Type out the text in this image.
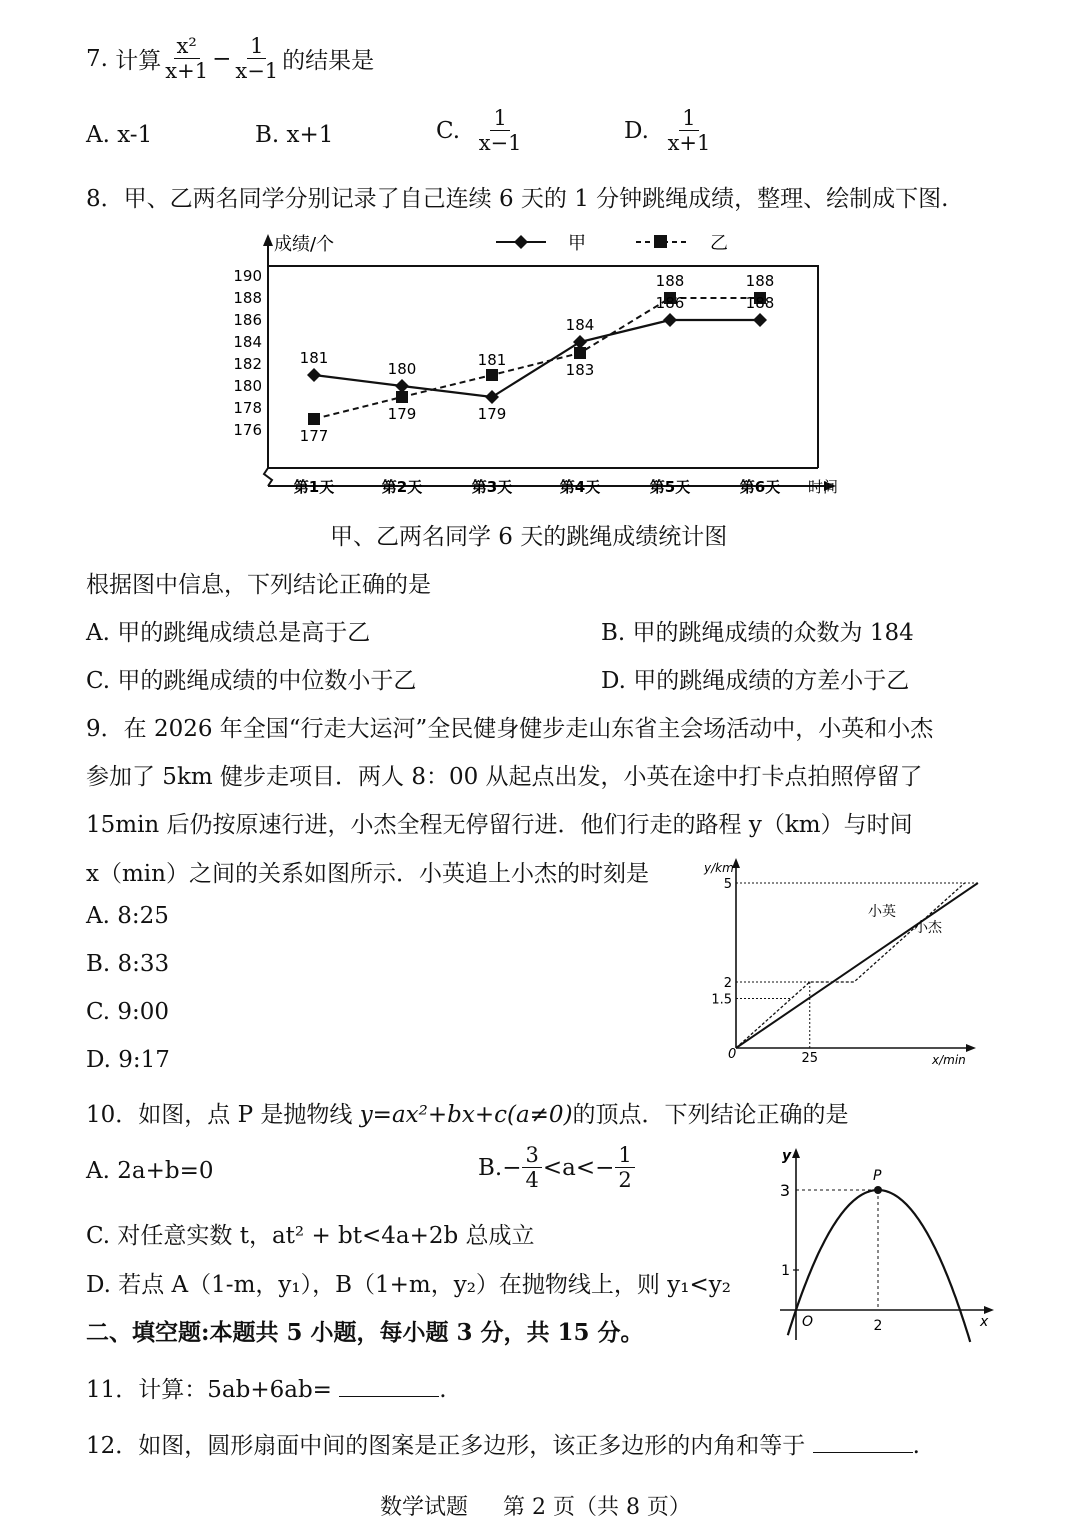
7.
计算 $\frac{\text{x²}}{x+1} - \frac{1}{x-1}$ 的结果是
A. x-1	B. x+1	C.
$\frac{1}{x-1}$	D.
$\frac{1}{x+1}$
8．甲、乙两名同学分别记录了自己连续 6 天的 1 分钟跳绳成绩，整理、绘制成下图.
成绩/个
时间
176
178
180
182
184
186
188
190
第1天	第2天	第3天	第4天	第5天	第6天
甲	乙
181
180
179
184
186	188
177
179
181
183
188	188
甲、乙两名同学 6 天的跳绳成绩统计图
根据图中信息，下列结论正确的是
A. 甲的跳绳成绩总是高于乙	B. 甲的跳绳成绩的众数为 184
C. 甲的跳绳成绩的中位数小于乙	D. 甲的跳绳成绩的方差小于乙
9．在 2026 年全国“行走大运河”全民健身健步走山东省主会场活动中，小英和小杰
参加了 5km 健步走项目．两人 8：00 从起点出发，小英在途中打卡点拍照停留了
15min 后仍按原速行进，小杰全程无停留行进．他们行走的路程 y（km）与时间
x（min）之间的关系如图所示．小英追上小杰的时刻是
A. 8:25
B. 8:33
C. 9:00
D. 9:17
y/km
x/min
0
1.5
2
5
25
小英
小杰
10．如图，点 P 是抛物线 y=ax²+bx+c(a≠0)的顶点．下列结论正确的是
A. 2a+b=0	$B.- \frac{3}{4} <a<- \frac{1}{2}$
C. 对任意实数 t，at² + bt<4a+2b 总成立
D. 若点 A（1-m，y₁），B（1+m，y₂）在抛物线上，则 y₁<y₂
y
x
O
1
3
2
P
二、填空题:本题共 5 小题，每小题 3 分，共 15 分。
11．计算：5ab+6ab=	.
12．如图，圆形扇面中间的图案是正多边形，该正多边形的内角和等于	.
数学试题     第 2 页（共 8 页）
